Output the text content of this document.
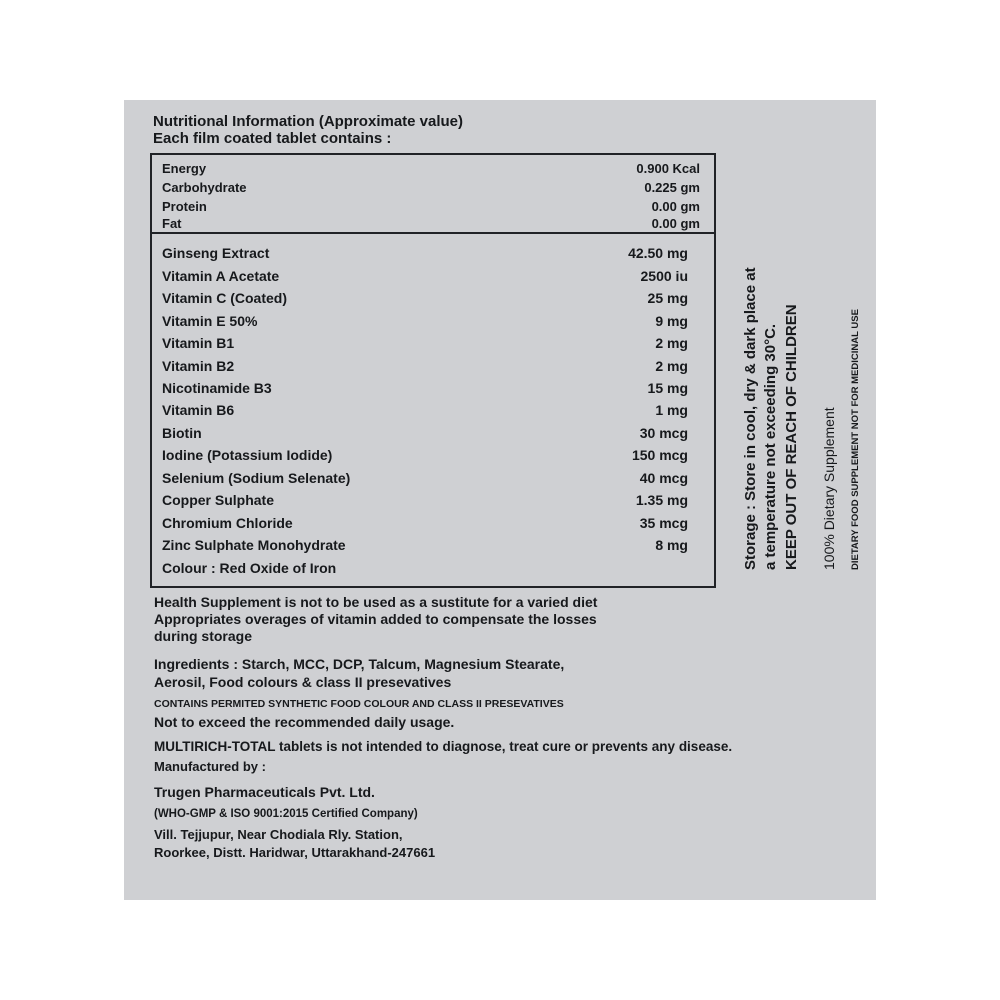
Nutritional Information (Approximate value)
Each film coated tablet contains :
Energy	0.900 Kcal
Carbohydrate	0.225 gm
Protein	0.00 gm
Fat	0.00 gm
Ginseng Extract	42.50 mg
Vitamin A Acetate	2500 iu
Vitamin C (Coated)	25 mg
Vitamin E 50%	9 mg
Vitamin B1	2 mg
Vitamin B2	2 mg
Nicotinamide B3	15 mg
Vitamin B6	1 mg
Biotin	30 mcg
Iodine (Potassium Iodide)	150 mcg
Selenium (Sodium Selenate)	40 mcg
Copper Sulphate	1.35 mg
Chromium Chloride	35 mcg
Zinc Sulphate Monohydrate	8 mg
Colour : Red Oxide of Iron
Health Supplement is not to be used as a sustitute for a varied diet
Appropriates overages of vitamin added to compensate the losses
during storage
Ingredients : Starch, MCC, DCP, Talcum, Magnesium Stearate,
Aerosil, Food colours & class II presevatives
CONTAINS PERMITED SYNTHETIC FOOD COLOUR AND CLASS II PRESEVATIVES
Not to exceed the recommended daily usage.
MULTIRICH-TOTAL tablets is not intended to diagnose, treat cure or prevents any disease.
Manufactured by :
Trugen Pharmaceuticals Pvt. Ltd.
(WHO-GMP & ISO 9001:2015 Certified Company)
Vill. Tejjupur, Near Chodiala Rly. Station,
Roorkee, Distt. Haridwar, Uttarakhand-247661
Storage : Store in cool, dry & dark place at a temperature not exceeding 30°C. KEEP OUT OF REACH OF CHILDREN 100% Dietary Supplement DIETARY FOOD SUPPLEMENT NOT FOR MEDICINAL USE
